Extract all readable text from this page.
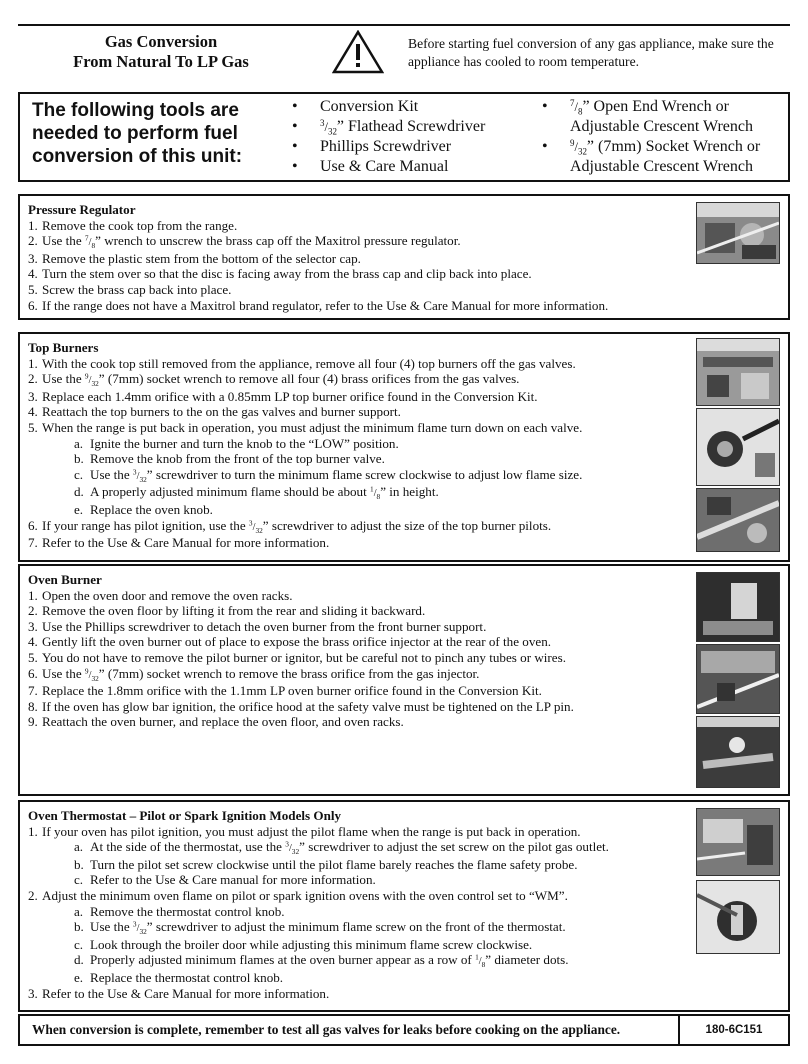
Gas Conversion
From Natural To LP Gas
Before starting fuel conversion of any gas appliance, make sure the appliance has cooled to room temperature.
The following tools are needed to perform fuel conversion of this unit:
• Conversion Kit
• $^3/_{32}$” Flathead Screwdriver
• Phillips Screwdriver
• Use & Care Manual
• $^7/_8$” Open End Wrench or Adjustable Crescent Wrench
• $^9/_{32}$” (7mm) Socket Wrench or Adjustable Crescent Wrench
Pressure Regulator
1. Remove the cook top from the range.
2. Use the $^7/_8$” wrench to unscrew the brass cap off the Maxitrol pressure regulator.
3. Remove the plastic stem from the bottom of the selector cap.
4. Turn the stem over so that the disc is facing away from the brass cap and clip back into place.
5. Screw the brass cap back into place.
6. If the range does not have a Maxitrol brand regulator, refer to the Use & Care Manual for more information.
Top Burners
1. With the cook top still removed from the appliance, remove all four (4) top burners off the gas valves.
2. Use the $^9/_{32}$” (7mm) socket wrench to remove all four (4) brass orifices from the gas valves.
3. Replace each 1.4mm orifice with a 0.85mm LP top burner orifice found in the Conversion Kit.
4. Reattach the top burners to the on the gas valves and burner support.
5. When the range is put back in operation, you must adjust the minimum flame turn down on each valve.
a. Ignite the burner and turn the knob to the “LOW” position.
b. Remove the knob from the front of the top burner valve.
c. Use the $^3/_{32}$” screwdriver to turn the minimum flame screw clockwise to adjust low flame size.
d. A properly adjusted minimum flame should be about $^1/_8$” in height.
e. Replace the oven knob.
6. If your range has pilot ignition, use the $^3/_{32}$” screwdriver to adjust the size of the top burner pilots.
7. Refer to the Use & Care Manual for more information.
Oven Burner
1. Open the oven door and remove the oven racks.
2. Remove the oven floor by lifting it from the rear and sliding it backward.
3. Use the Phillips screwdriver to detach the oven burner from the front burner support.
4. Gently lift the oven burner out of place to expose the brass orifice injector at the rear of the oven.
5. You do not have to remove the pilot burner or ignitor, but be careful not to pinch any tubes or wires.
6. Use the $^9/_{32}$” (7mm) socket wrench to remove the brass orifice from the gas injector.
7. Replace the 1.8mm orifice with the 1.1mm LP oven burner orifice found in the Conversion Kit.
8. If the oven has glow bar ignition, the orifice hood at the safety valve must be tightened on the LP pin.
9. Reattach the oven burner, and replace the oven floor, and oven racks.
Oven Thermostat – Pilot or Spark Ignition Models Only
1. If your oven has pilot ignition, you must adjust the pilot flame when the range is put back in operation.
a. At the side of the thermostat, use the $^3/_{32}$” screwdriver to adjust the set screw on the pilot gas outlet.
b. Turn the pilot set screw clockwise until the pilot flame barely reaches the flame safety probe.
c. Refer to the Use & Care manual for more information.
2. Adjust the minimum oven flame on pilot or spark ignition ovens with the oven control set to “WM”.
a. Remove the thermostat control knob.
b. Use the $^3/_{32}$” screwdriver to adjust the minimum flame screw on the front of the thermostat.
c. Look through the broiler door while adjusting this minimum flame screw clockwise.
d. Properly adjusted minimum flames at the oven burner appear as a row of $^1/_8$” diameter dots.
e. Replace the thermostat control knob.
3. Refer to the Use & Care Manual for more information.
When conversion is complete, remember to test all gas valves for leaks before cooking on the appliance.	180-6C151
